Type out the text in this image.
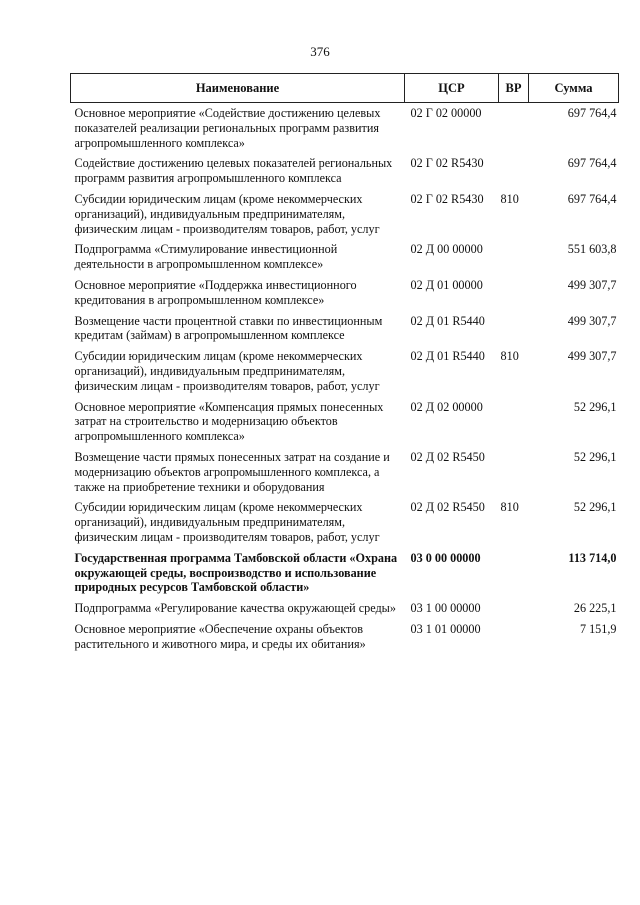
376
Наименование	ЦСР	ВР	Сумма
Основное мероприятие «Содействие достижению целевых показателей реализации региональных программ развития агропромышленного комплекса»	02 Г 02 00000		697 764,4
Содействие достижению целевых показателей региональных программ развития агропромышленного комплекса	02 Г 02 R5430		697 764,4
Субсидии юридическим лицам (кроме некоммерческих организаций), индивидуальным предпринимателям, физическим лицам - производителям товаров, работ, услуг	02 Г 02 R5430	810	697 764,4
Подпрограмма «Стимулирование инвестиционной деятельности в агропромышленном комплексе»	02 Д 00 00000		551 603,8
Основное мероприятие «Поддержка инвестиционного кредитования в агропромышленном комплексе»	02 Д 01 00000		499 307,7
Возмещение части процентной ставки по инвестиционным кредитам (займам) в агропромышленном комплексе	02 Д 01 R5440		499 307,7
Субсидии юридическим лицам (кроме некоммерческих организаций), индивидуальным предпринимателям, физическим лицам - производителям товаров, работ, услуг	02 Д 01 R5440	810	499 307,7
Основное мероприятие «Компенсация прямых понесенных затрат на строительство и модернизацию объектов агропромышленного комплекса»	02 Д 02 00000		52 296,1
Возмещение части прямых понесенных затрат на создание и модернизацию объектов агропромышленного комплекса, а также на приобретение техники и оборудования	02 Д 02 R5450		52 296,1
Субсидии юридическим лицам (кроме некоммерческих организаций), индивидуальным предпринимателям, физическим лицам - производителям товаров, работ, услуг	02 Д 02 R5450	810	52 296,1
Государственная программа Тамбовской области «Охрана окружающей среды, воспроизводство и использование природных ресурсов Тамбовской области»	03 0 00 00000		113 714,0
Подпрограмма «Регулирование качества окружающей среды»	03 1 00 00000		26 225,1
Основное мероприятие «Обеспечение охраны объектов растительного и животного мира, и среды их обитания»	03 1 01 00000		7 151,9
